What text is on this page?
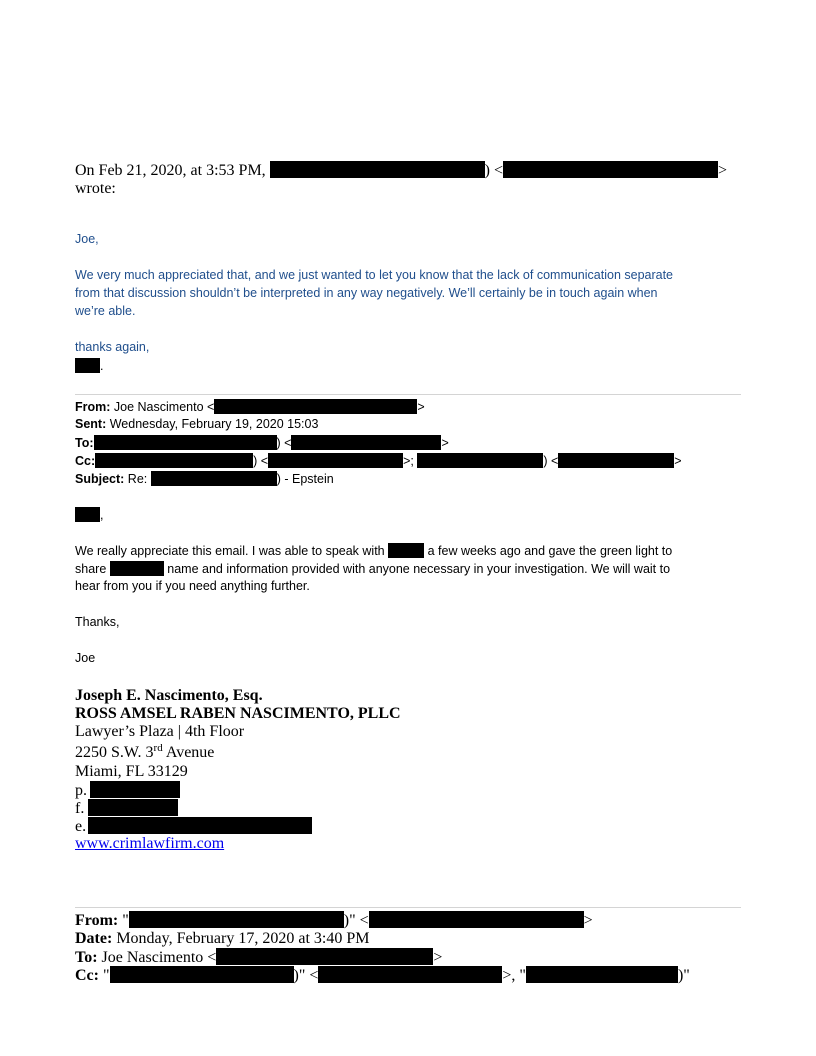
On Feb 21, 2020, at 3:53 PM,	) <	>
wrote:
Joe,
We very much appreciated that, and we just wanted to let you know that the lack of communication separate
from that discussion shouldn’t be interpreted in any way negatively. We’ll certainly be in touch again when
we’re able.
thanks again,
.
From: Joe Nascimento <	>
Sent: Wednesday, February 19, 2020 15:03
To:	) <	>
Cc:	) <	>;	) <	>
Subject: Re:	) - Epstein
,
We really appreciate this email. I was able to speak with	a few weeks ago and gave the green light to
share	name and information provided with anyone necessary in your investigation. We will wait to
hear from you if you need anything further.
Thanks,
Joe
Joseph E. Nascimento, Esq.
ROSS AMSEL RABEN NASCIMENTO, PLLC
Lawyer’s Plaza | 4th Floor
2250 S.W. 3rd Avenue
Miami, FL 33129
p.
f.
e.
www.crimlawfirm.com
From: "	)" <	>
Date: Monday, February 17, 2020 at 3:40 PM
To: Joe Nascimento <	>
Cc: "	)" <	>, "	)"
